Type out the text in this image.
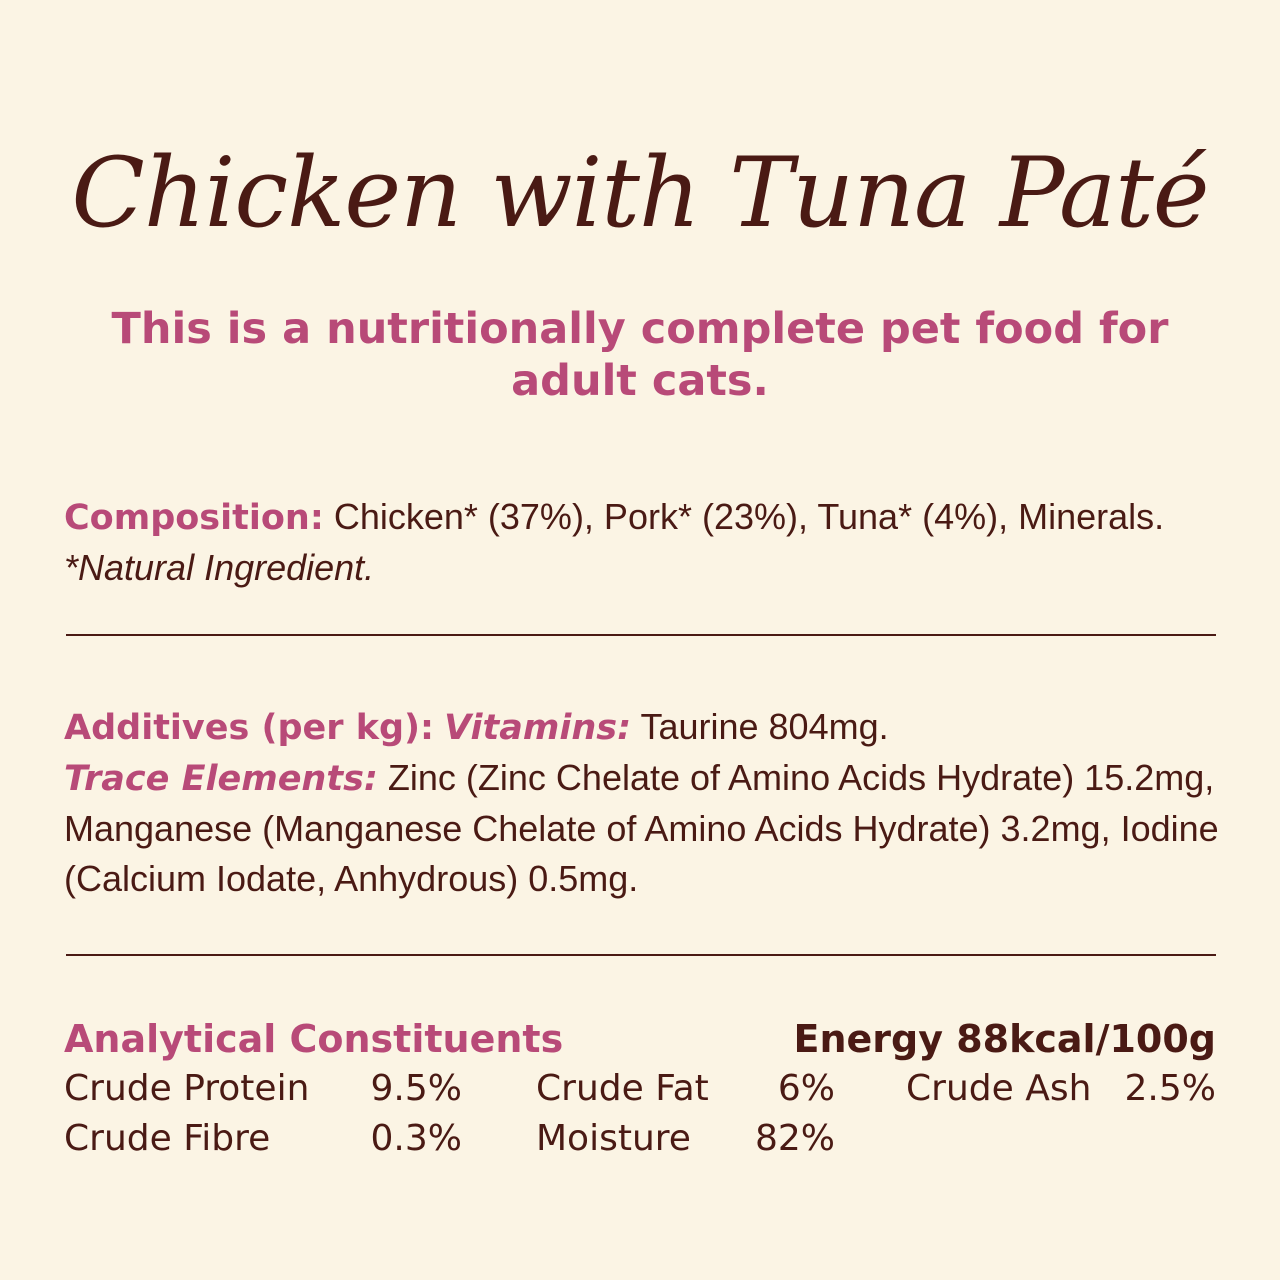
Chicken with Tuna Paté
This is a nutritionally complete pet food for adult cats.
Composition: Chicken* (37%), Pork* (23%), Tuna* (4%), Minerals. *Natural Ingredient.
Additives (per kg): Vitamins: Taurine 804mg.
Trace Elements: Zinc (Zinc Chelate of Amino Acids Hydrate) 15.2mg, Manganese (Manganese Chelate of Amino Acids Hydrate) 3.2mg, Iodine (Calcium Iodate, Anhydrous) 0.5mg.
Analytical Constituents	Energy 88kcal/100g
Crude Protein	9.5% Crude Fat	6% Crude Ash 2.5%
Crude Fibre	0.3% Moisture	82%
